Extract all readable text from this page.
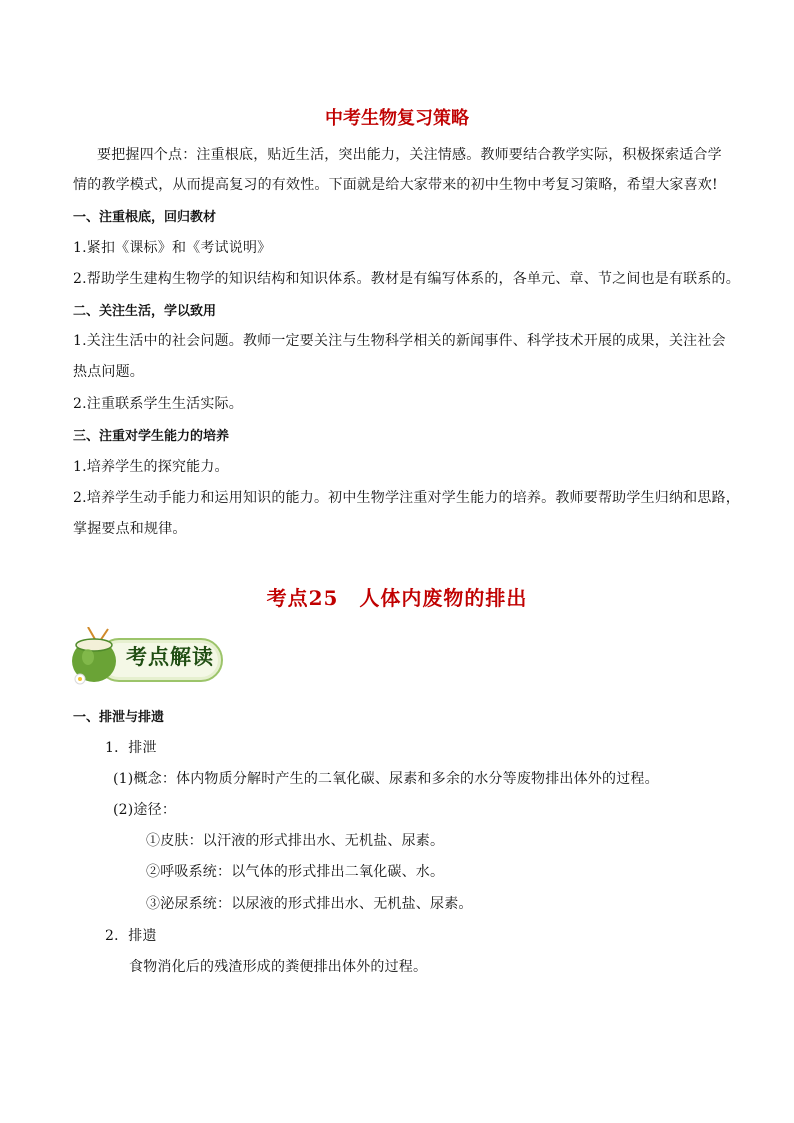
中考生物复习策略
要把握四个点：注重根底，贴近生活，突出能力，关注情感。教师要结合教学实际，积极探索适合学
情的教学模式，从而提高复习的有效性。下面就是给大家带来的初中生物中考复习策略，希望大家喜欢!
一、注重根底，回归教材
1.紧扣《课标》和《考试说明》
2.帮助学生建构生物学的知识结构和知识体系。教材是有编写体系的，各单元、章、节之间也是有联系的。
二、关注生活，学以致用
1.关注生活中的社会问题。教师一定要关注与生物科学相关的新闻事件、科学技术开展的成果，关注社会
热点问题。
2.注重联系学生生活实际。
三、注重对学生能力的培养
1.培养学生的探究能力。
2.培养学生动手能力和运用知识的能力。初中生物学注重对学生能力的培养。教师要帮助学生归纳和思路，
掌握要点和规律。
考点25　人体内废物的排出
考点解读
一、排泄与排遗
1．排泄
(1)概念：体内物质分解时产生的二氧化碳、尿素和多余的水分等废物排出体外的过程。
(2)途径：
①皮肤：以汗液的形式排出水、无机盐、尿素。
②呼吸系统：以气体的形式排出二氧化碳、水。
③泌尿系统：以尿液的形式排出水、无机盐、尿素。
2．排遗
食物消化后的残渣形成的粪便排出体外的过程。
